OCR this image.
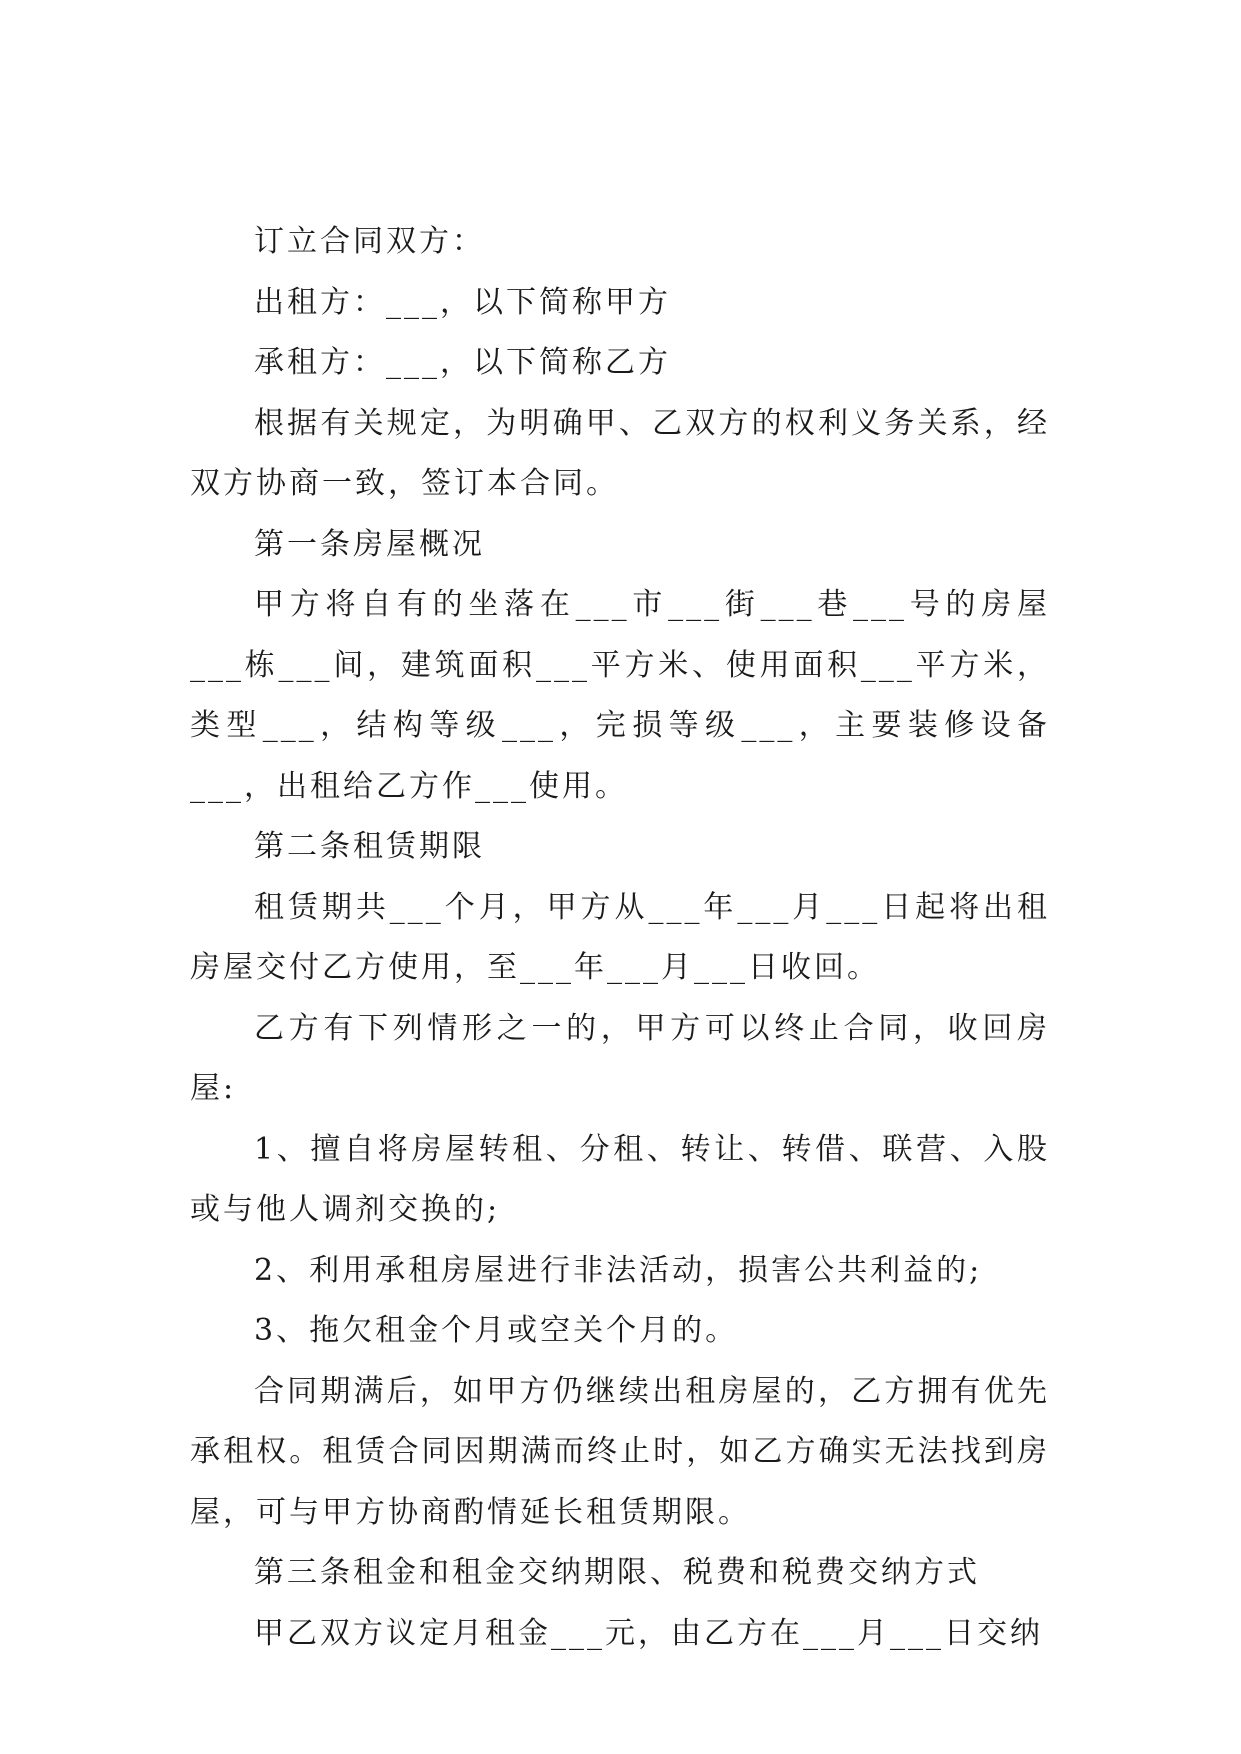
订立合同双方：

出租方：___，以下简称甲方

承租方：___，以下简称乙方

根据有关规定，为明确甲、乙双方的权利义务关系，经双方协商一致，签订本合同。

第一条房屋概况

甲方将自有的坐落在___市___街___巷___号的房屋___栋___间，建筑面积___平方米、使用面积___平方米，类型___，结构等级___，完损等级___，主要装修设备___，出租给乙方作___使用。

第二条租赁期限

租赁期共___个月，甲方从___年___月___日起将出租房屋交付乙方使用，至___年___月___日收回。

乙方有下列情形之一的，甲方可以终止合同，收回房屋:

1、擅自将房屋转租、分租、转让、转借、联营、入股或与他人调剂交换的;

2、利用承租房屋进行非法活动，损害公共利益的;

3、拖欠租金个月或空关个月的。

合同期满后，如甲方仍继续出租房屋的，乙方拥有优先承租权。租赁合同因期满而终止时，如乙方确实无法找到房屋，可与甲方协商酌情延长租赁期限。

第三条租金和租金交纳期限、税费和税费交纳方式

甲乙双方议定月租金___元，由乙方在___月___日交纳
